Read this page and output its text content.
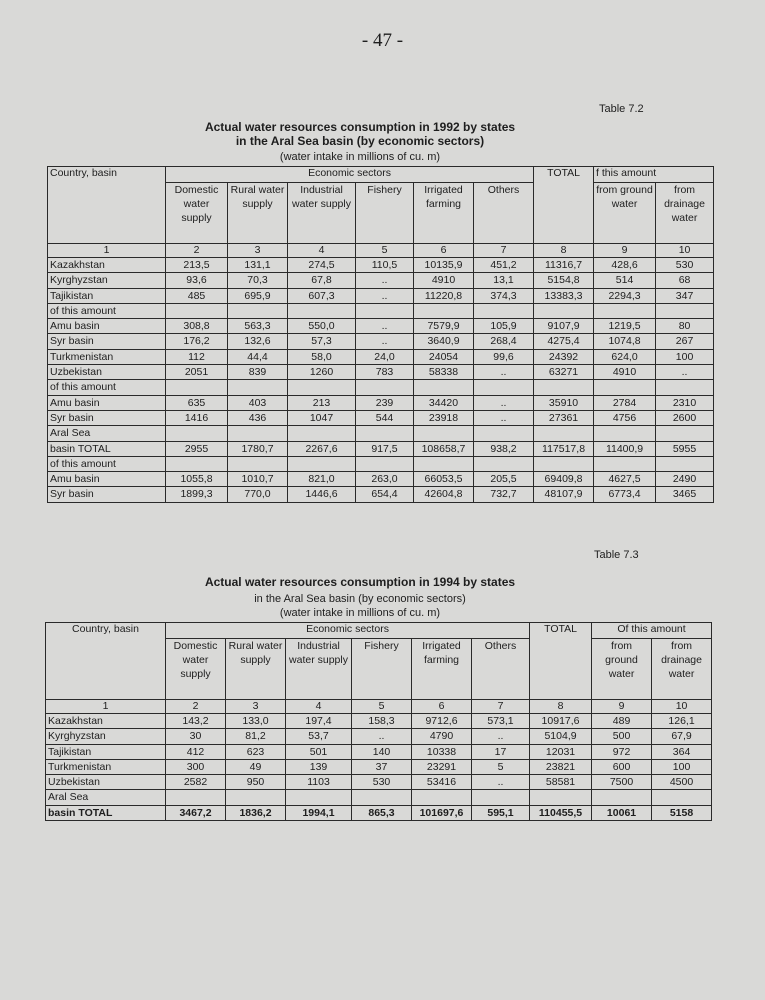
- 47 -
Table 7.2
Actual water resources consumption in 1992 by states
in the Aral Sea basin (by economic sectors)
(water intake in millions of cu. m)
Country, basin	Economic sectors						TOTAL	f this amount	
	Domestic water supply	Rural water supply	Industrial water supply	Fishery	Irrigated farming	Others		from ground water	from drainage water
1	2	3	4	5	6	7	8	9	10
Kazakhstan	213,5	131,1	274,5	110,5	10135,9	451,2	11316,7	428,6	530
Kyrghyzstan	93,6	70,3	67,8	..	4910	13,1	5154,8	514	68
Tajikistan	485	695,9	607,3	..	11220,8	374,3	13383,3	2294,3	347
of this amount									
Amu basin	308,8	563,3	550,0	..	7579,9	105,9	9107,9	1219,5	80
Syr basin	176,2	132,6	57,3	..	3640,9	268,4	4275,4	1074,8	267
Turkmenistan	112	44,4	58,0	24,0	24054	99,6	24392	624,0	100
Uzbekistan	2051	839	1260	783	58338	..	63271	4910	..
of this amount									
Amu basin	635	403	213	239	34420	..	35910	2784	2310
Syr basin	1416	436	1047	544	23918	..	27361	4756	2600
Aral Sea									
basin TOTAL	2955	1780,7	2267,6	917,5	108658,7	938,2	117517,8	11400,9	5955
of this amount									
Amu basin	1055,8	1010,7	821,0	263,0	66053,5	205,5	69409,8	4627,5	2490
Syr basin	1899,3	770,0	1446,6	654,4	42604,8	732,7	48107,9	6773,4	3465
Table 7.3
Actual water resources consumption in 1994 by states
in the Aral Sea basin (by economic sectors)
(water intake in millions of cu. m)
Country, basin	Economic sectors						TOTAL	Of this amount	
	Domestic water supply	Rural water supply	Industrial water supply	Fishery	Irrigated farming	Others		from ground water	from drainage water
1	2	3	4	5	6	7	8	9	10
Kazakhstan	143,2	133,0	197,4	158,3	9712,6	573,1	10917,6	489	126,1
Kyrghyzstan	30	81,2	53,7	..	4790	..	5104,9	500	67,9
Tajikistan	412	623	501	140	10338	17	12031	972	364
Turkmenistan	300	49	139	37	23291	5	23821	600	100
Uzbekistan	2582	950	1103	530	53416	..	58581	7500	4500
Aral Sea									
basin TOTAL	3467,2	1836,2	1994,1	865,3	101697,6	595,1	110455,5	10061	5158
